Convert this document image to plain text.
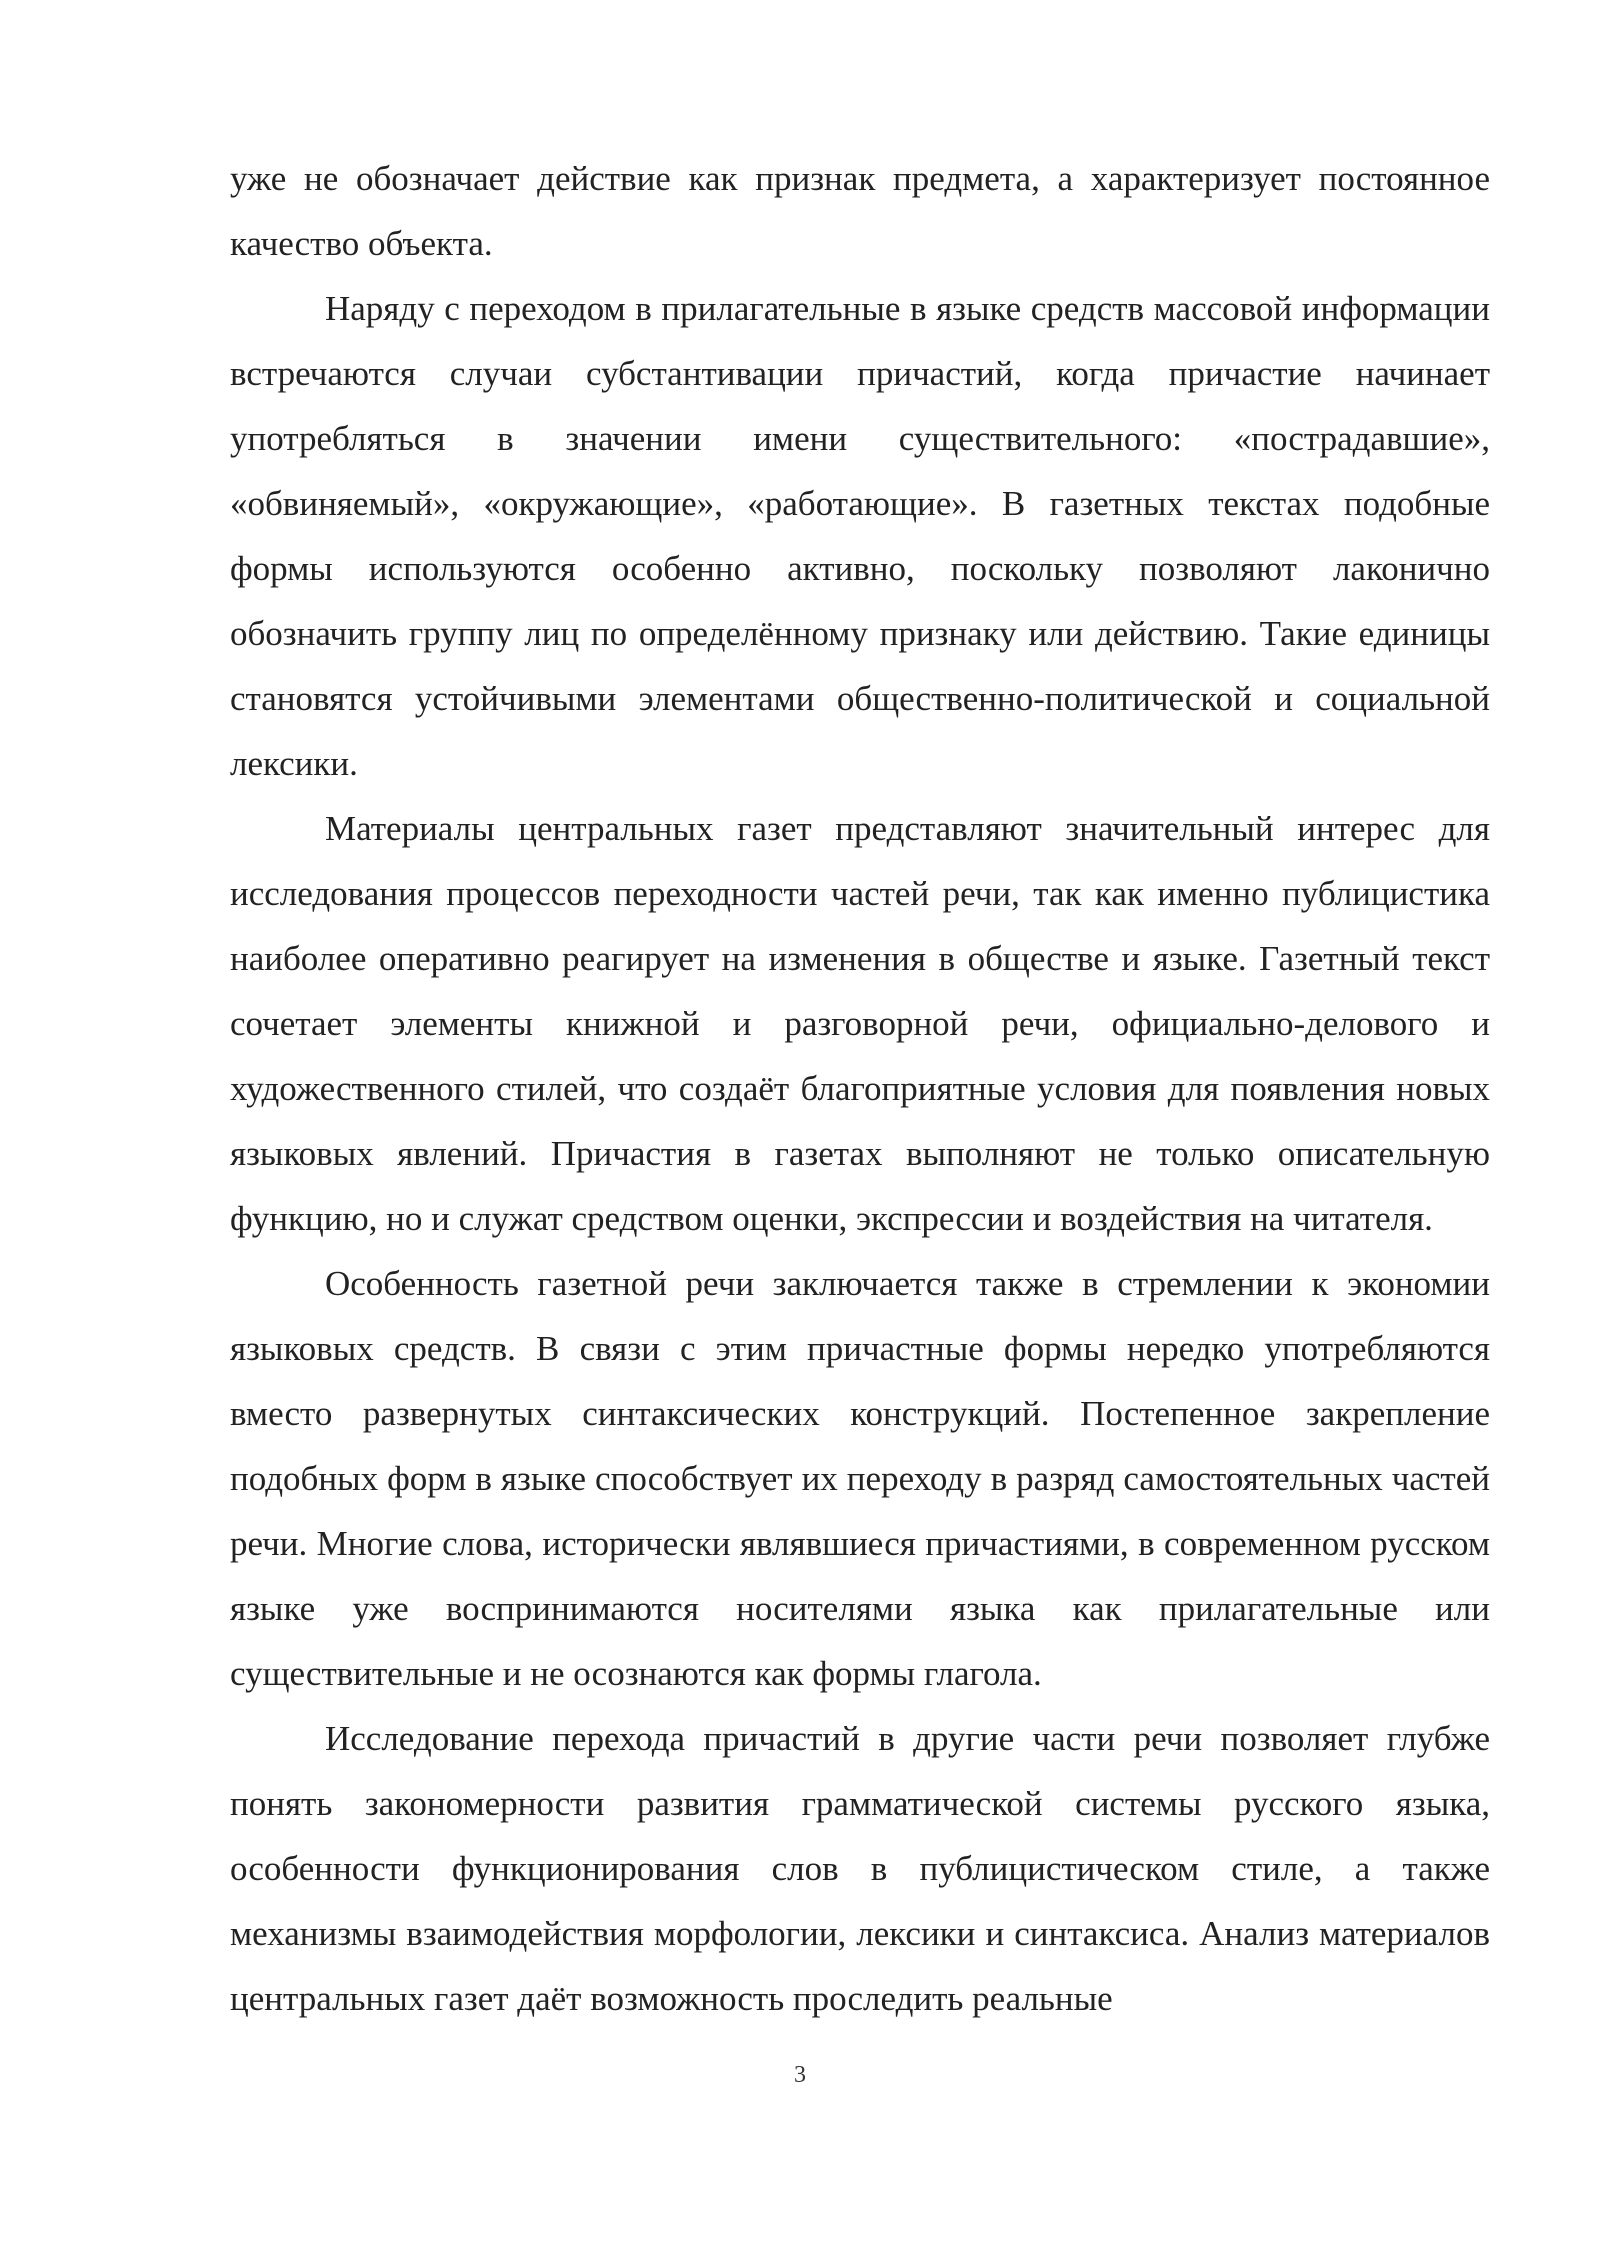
уже не обозначает действие как признак предмета, а характеризует постоянное качество объекта.

Наряду с переходом в прилагательные в языке средств массовой информации встречаются случаи субстантивации причастий, когда причастие начинает употребляться в значении имени существительного: «пострадавшие», «обвиняемый», «окружающие», «работающие». В газетных текстах подобные формы используются особенно активно, поскольку позволяют лаконично обозначить группу лиц по определённому признаку или действию. Такие единицы становятся устойчивыми элементами общественно-политической и социальной лексики.

Материалы центральных газет представляют значительный интерес для исследования процессов переходности частей речи, так как именно публицистика наиболее оперативно реагирует на изменения в обществе и языке. Газетный текст сочетает элементы книжной и разговорной речи, официально-делового и художественного стилей, что создаёт благоприятные условия для появления новых языковых явлений. Причастия в газетах выполняют не только описательную функцию, но и служат средством оценки, экспрессии и воздействия на читателя.

Особенность газетной речи заключается также в стремлении к экономии языковых средств. В связи с этим причастные формы нередко употребляются вместо развернутых синтаксических конструкций. Постепенное закрепление подобных форм в языке способствует их переходу в разряд самостоятельных частей речи. Многие слова, исторически являвшиеся причастиями, в современном русском языке уже воспринимаются носителями языка как прилагательные или существительные и не осознаются как формы глагола.

Исследование перехода причастий в другие части речи позволяет глубже понять закономерности развития грамматической системы русского языка, особенности функционирования слов в публицистическом стиле, а также механизмы взаимодействия морфологии, лексики и синтаксиса. Анализ материалов центральных газет даёт возможность проследить реальные

3
